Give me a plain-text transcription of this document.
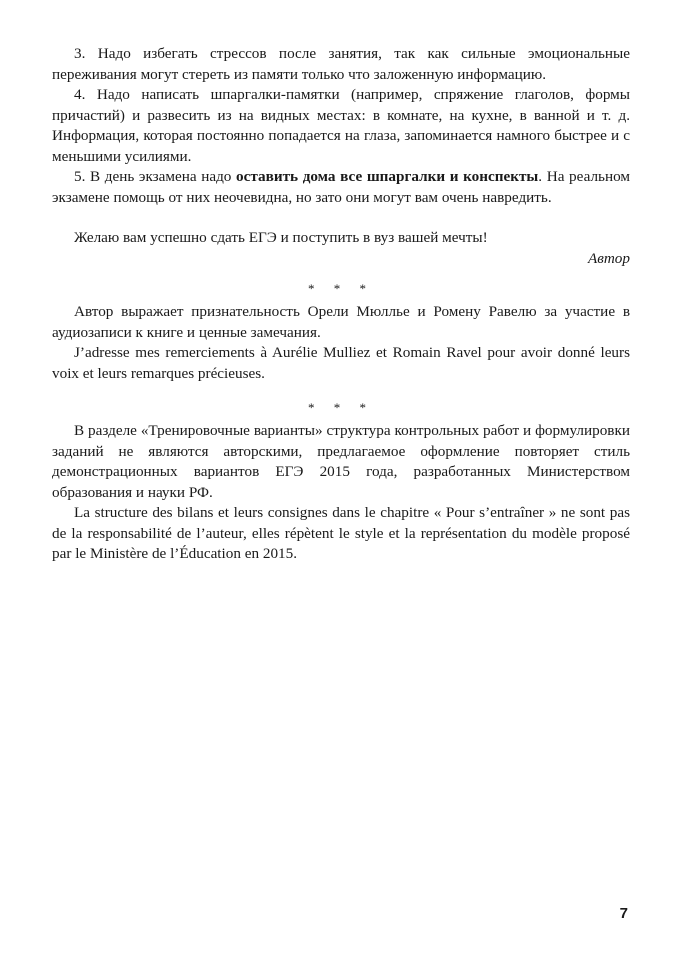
3. Надо избегать стрессов после занятия, так как сильные эмоциональные переживания могут стереть из памяти только что заложенную информацию.

4. Надо написать шпаргалки-памятки (например, спряжение глаголов, формы причастий) и развесить из на видных местах: в комнате, на кухне, в ванной и т. д. Информация, которая постоянно попадается на глаза, запоминается намного быстрее и с меньшими усилиями.

5. В день экзамена надо оставить дома все шпаргалки и конспекты. На реальном экзамене помощь от них неочевидна, но зато они могут вам очень навредить.

Желаю вам успешно сдать ЕГЭ и поступить в вуз вашей мечты!

Автор

* * *

Автор выражает признательность Орели Мюлльe и Ромену Равелю за участие в аудиозаписи к книге и ценные замечания.

J’adresse mes remerciements à Aurélie Mulliez et Romain Ravel pour avoir donné leurs voix et leurs remarques précieuses.

* * *

В разделе «Тренировочные варианты» структура контрольных работ и формулировки заданий не являются авторскими, предлагаемое оформление повторяет стиль демонстрационных вариантов ЕГЭ 2015 года, разработанных Министерством образования и науки РФ.

La structure des bilans et leurs consignes dans le chapitre « Pour s’entraîner » ne sont pas de la responsabilité de l’auteur, elles répètent le style et la représentation du modèle proposé par le Ministère de l’Éducation en 2015.

7
